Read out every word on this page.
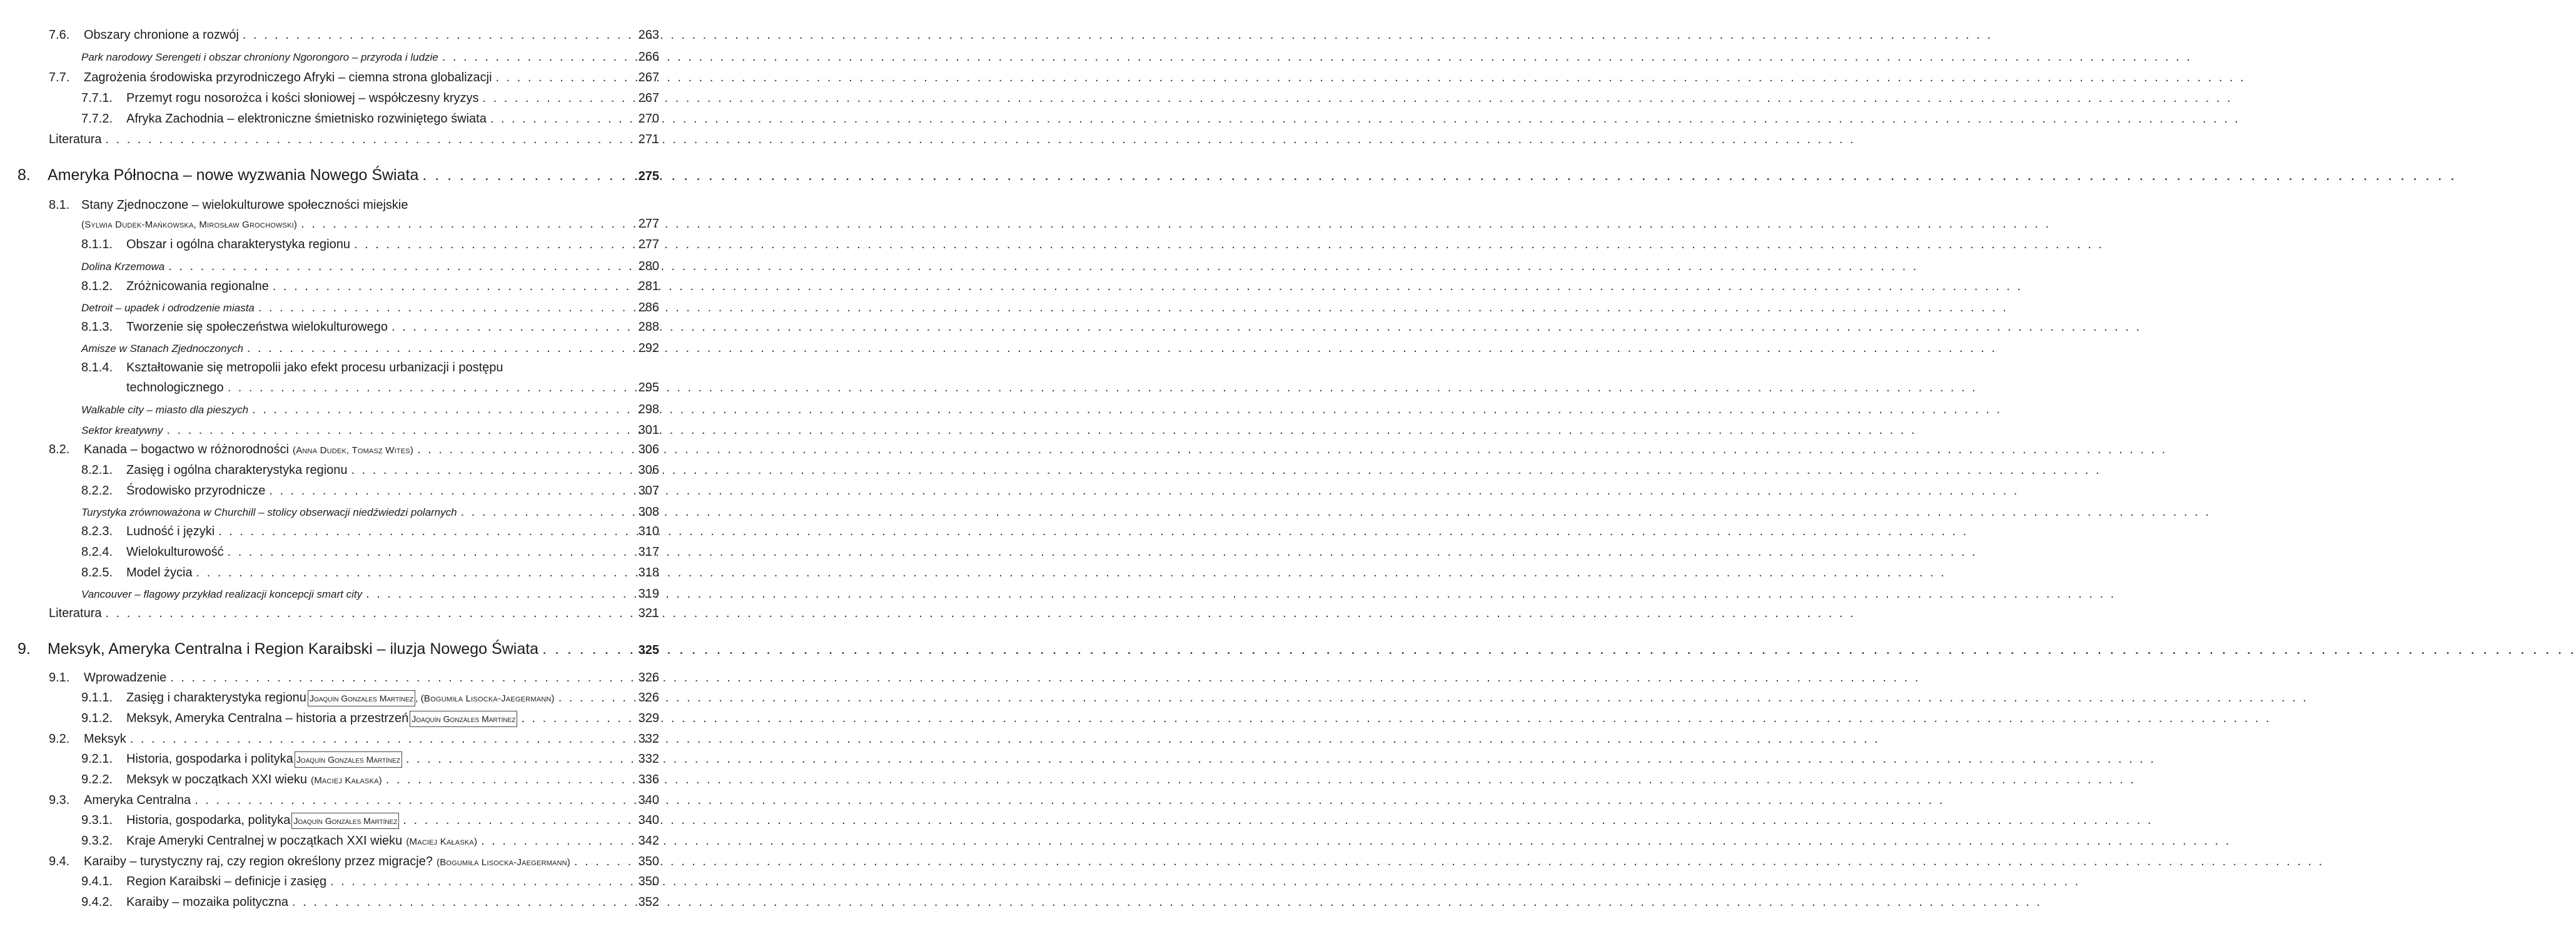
7.6.	Obszary chronione a rozwój . . .	263
Park narodowy Serengeti i obszar chroniony Ngorongoro – przyroda i ludzie . . .	266
7.7.	Zagrożenia środowiska przyrodniczego Afryki – ciemna strona globalizacji . . .	267
7.7.1.	Przemyt rogu nosorożca i kości słoniowej – współczesny kryzys . . .	267
7.7.2.	Afryka Zachodnia – elektroniczne śmietnisko rozwiniętego świata . . .	270
Literatura . . .	271
8.	Ameryka Północna – nowe wyzwania Nowego Świata . . .	275
8.1. Stany Zjednoczone – wielokulturowe społeczności miejskie
(Sylwia Dudek-Mańkowska, Mirosław Grochowski) . . .	277
8.1.1.	Obszar i ogólna charakterystyka regionu . . .	277
Dolina Krzemowa . . .	280
8.1.2.	Zróżnicowania regionalne . . .	281
Detroit – upadek i odrodzenie miasta . . .	286
8.1.3.	Tworzenie się społeczeństwa wielokulturowego . . .	288
Amisze w Stanach Zjednoczonych . . .	292
8.1.4. Kształtowanie się metropolii jako efekt procesu urbanizacji i postępu
technologicznego . . .	295
Walkable city – miasto dla pieszych . . .	298
Sektor kreatywny . . .	301
8.2.	Kanada – bogactwo w różnorodności (Anna Dudek, Tomasz Wites) . . .	306
8.2.1.	Zasięg i ogólna charakterystyka regionu . . .	306
8.2.2.	Środowisko przyrodnicze . . .	307
Turystyka zrównoważona w Churchill – stolicy obserwacji niedźwiedzi polarnych . . .	308
8.2.3.	Ludność i języki . . .	310
8.2.4.	Wielokulturowość . . .	317
8.2.5.	Model życia . . .	318
Vancouver – flagowy przykład realizacji koncepcji smart city . . .	319
Literatura . . .	321
9.	Meksyk, Ameryka Centralna i Region Karaibski – iluzja Nowego Świata . . .	325
9.1.	Wprowadzenie . . .	326
9.1.1.	Zasięg i charakterystyka regionu Joaquín Gonzales Martínez , (Bogumiła Lisocka-Jaegermann) . . .	326
9.1.2.	Meksyk, Ameryka Centralna – historia a przestrzeń Joaquín Gonzáles Martínez . . .	329
9.2.	Meksyk . . .	332
9.2.1.	Historia, gospodarka i polityka Joaquín Gonzáles Martínez . . .	332
9.2.2.	Meksyk w początkach XXI wieku (Maciej Kałaska) . . .	336
9.3.	Ameryka Centralna . . .	340
9.3.1.	Historia, gospodarka, polityka Joaquín Gonzáles Martínez . . .	340
9.3.2.	Kraje Ameryki Centralnej w początkach XXI wieku (Maciej Kałaska) . . .	342
9.4.	Karaiby – turystyczny raj, czy region określony przez migracje? (Bogumiła Lisocka-Jaegermann) . . .	350
9.4.1.	Region Karaibski – definicje i zasięg . . .	350
9.4.2.	Karaiby – mozaika polityczna . . .	352
